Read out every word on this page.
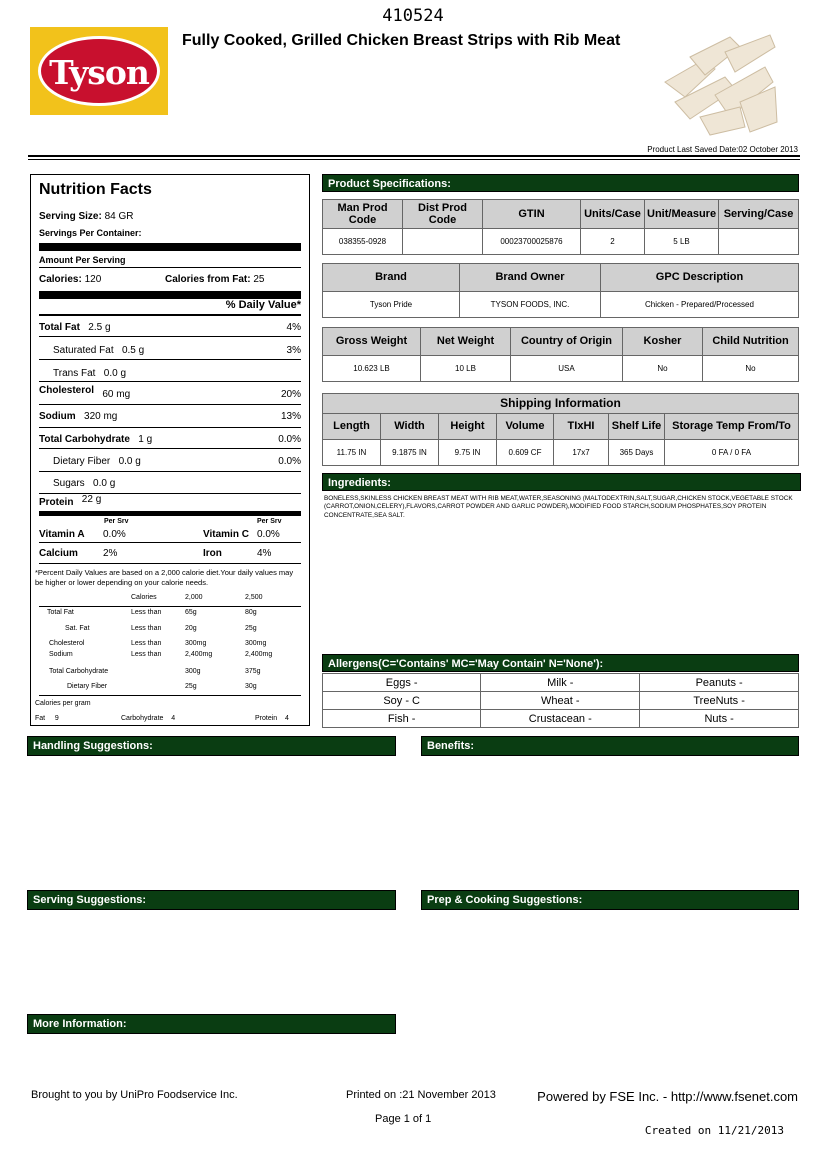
410524
Tyson
Fully Cooked, Grilled Chicken Breast Strips with Rib Meat
Product Last Saved Date:02 October 2013
Nutrition Facts
Serving Size: 84 GR
Servings Per Container:
Amount Per Serving
Calories: 120	Calories from Fat: 25
% Daily Value*
Total Fat 2.5 g	4%
Saturated Fat 0.5 g	3%
Trans Fat 0.0 g
Cholesterol 60 mg	20%
Sodium 320 mg	13%
Total Carbohydrate 1 g	0.0%
Dietary Fiber 0.0 g	0.0%
Sugars 0.0 g
Protein 22 g
Per Srv	Per Srv
Vitamin A 0.0%	Vitamin C 0.0%
Calcium	2%	Iron	4%
*Percent Daily Values are based on a 2,000 calorie diet.Your daily values may be higher or lower depending on your calorie needs.
Calories	2,000	2,500
Total Fat	Less than	65g	80g
Sat. Fat	Less than	20g	25g
Cholesterol	Less than	300mg	300mg
Sodium	Less than	2,400mg	2,400mg
Total Carbohydrate	300g	375g
Dietary Fiber	25g	30g
Calories per gram
Fat 9	Carbohydrate 4	Protein 4
Product Specifications:
Man Prod Code	Dist Prod Code	GTIN	Units/Case	Unit/Measure	Serving/Case
038355-0928		00023700025876	2	5 LB	
Brand	Brand Owner	GPC Description
Tyson Pride	TYSON FOODS, INC.	Chicken - Prepared/Processed
Gross Weight	Net Weight	Country of Origin	Kosher	Child Nutrition
10.623 LB	10 LB	USA	No	No
Shipping Information						
Length	Width	Height	Volume	TIxHI	Shelf Life	Storage Temp From/To
11.75 IN	9.1875 IN	9.75 IN	0.609 CF	17x7	365 Days	0 FA / 0 FA
Ingredients:
BONELESS,SKINLESS CHICKEN BREAST MEAT WITH RIB MEAT,WATER,SEASONING (MALTODEXTRIN,SALT,SUGAR,CHICKEN STOCK,VEGETABLE STOCK (CARROT,ONION,CELERY),FLAVORS,CARROT POWDER AND GARLIC POWDER),MODIFIED FOOD STARCH,SODIUM PHOSPHATES,SOY PROTEIN CONCENTRATE,SEA SALT.
Allergens(C='Contains' MC='May Contain' N='None'):
Eggs -	Milk -	Peanuts -
Soy - C	Wheat -	TreeNuts -
Fish -	Crustacean -	Nuts -
Handling Suggestions:	Benefits:
Serving Suggestions:	Prep & Cooking Suggestions:
More Information:
Brought to you by UniPro Foodservice Inc.	Printed on :21 November 2013	Powered by FSE Inc. - http://www.fsenet.com
Page 1 of 1
Created on 11/21/2013
